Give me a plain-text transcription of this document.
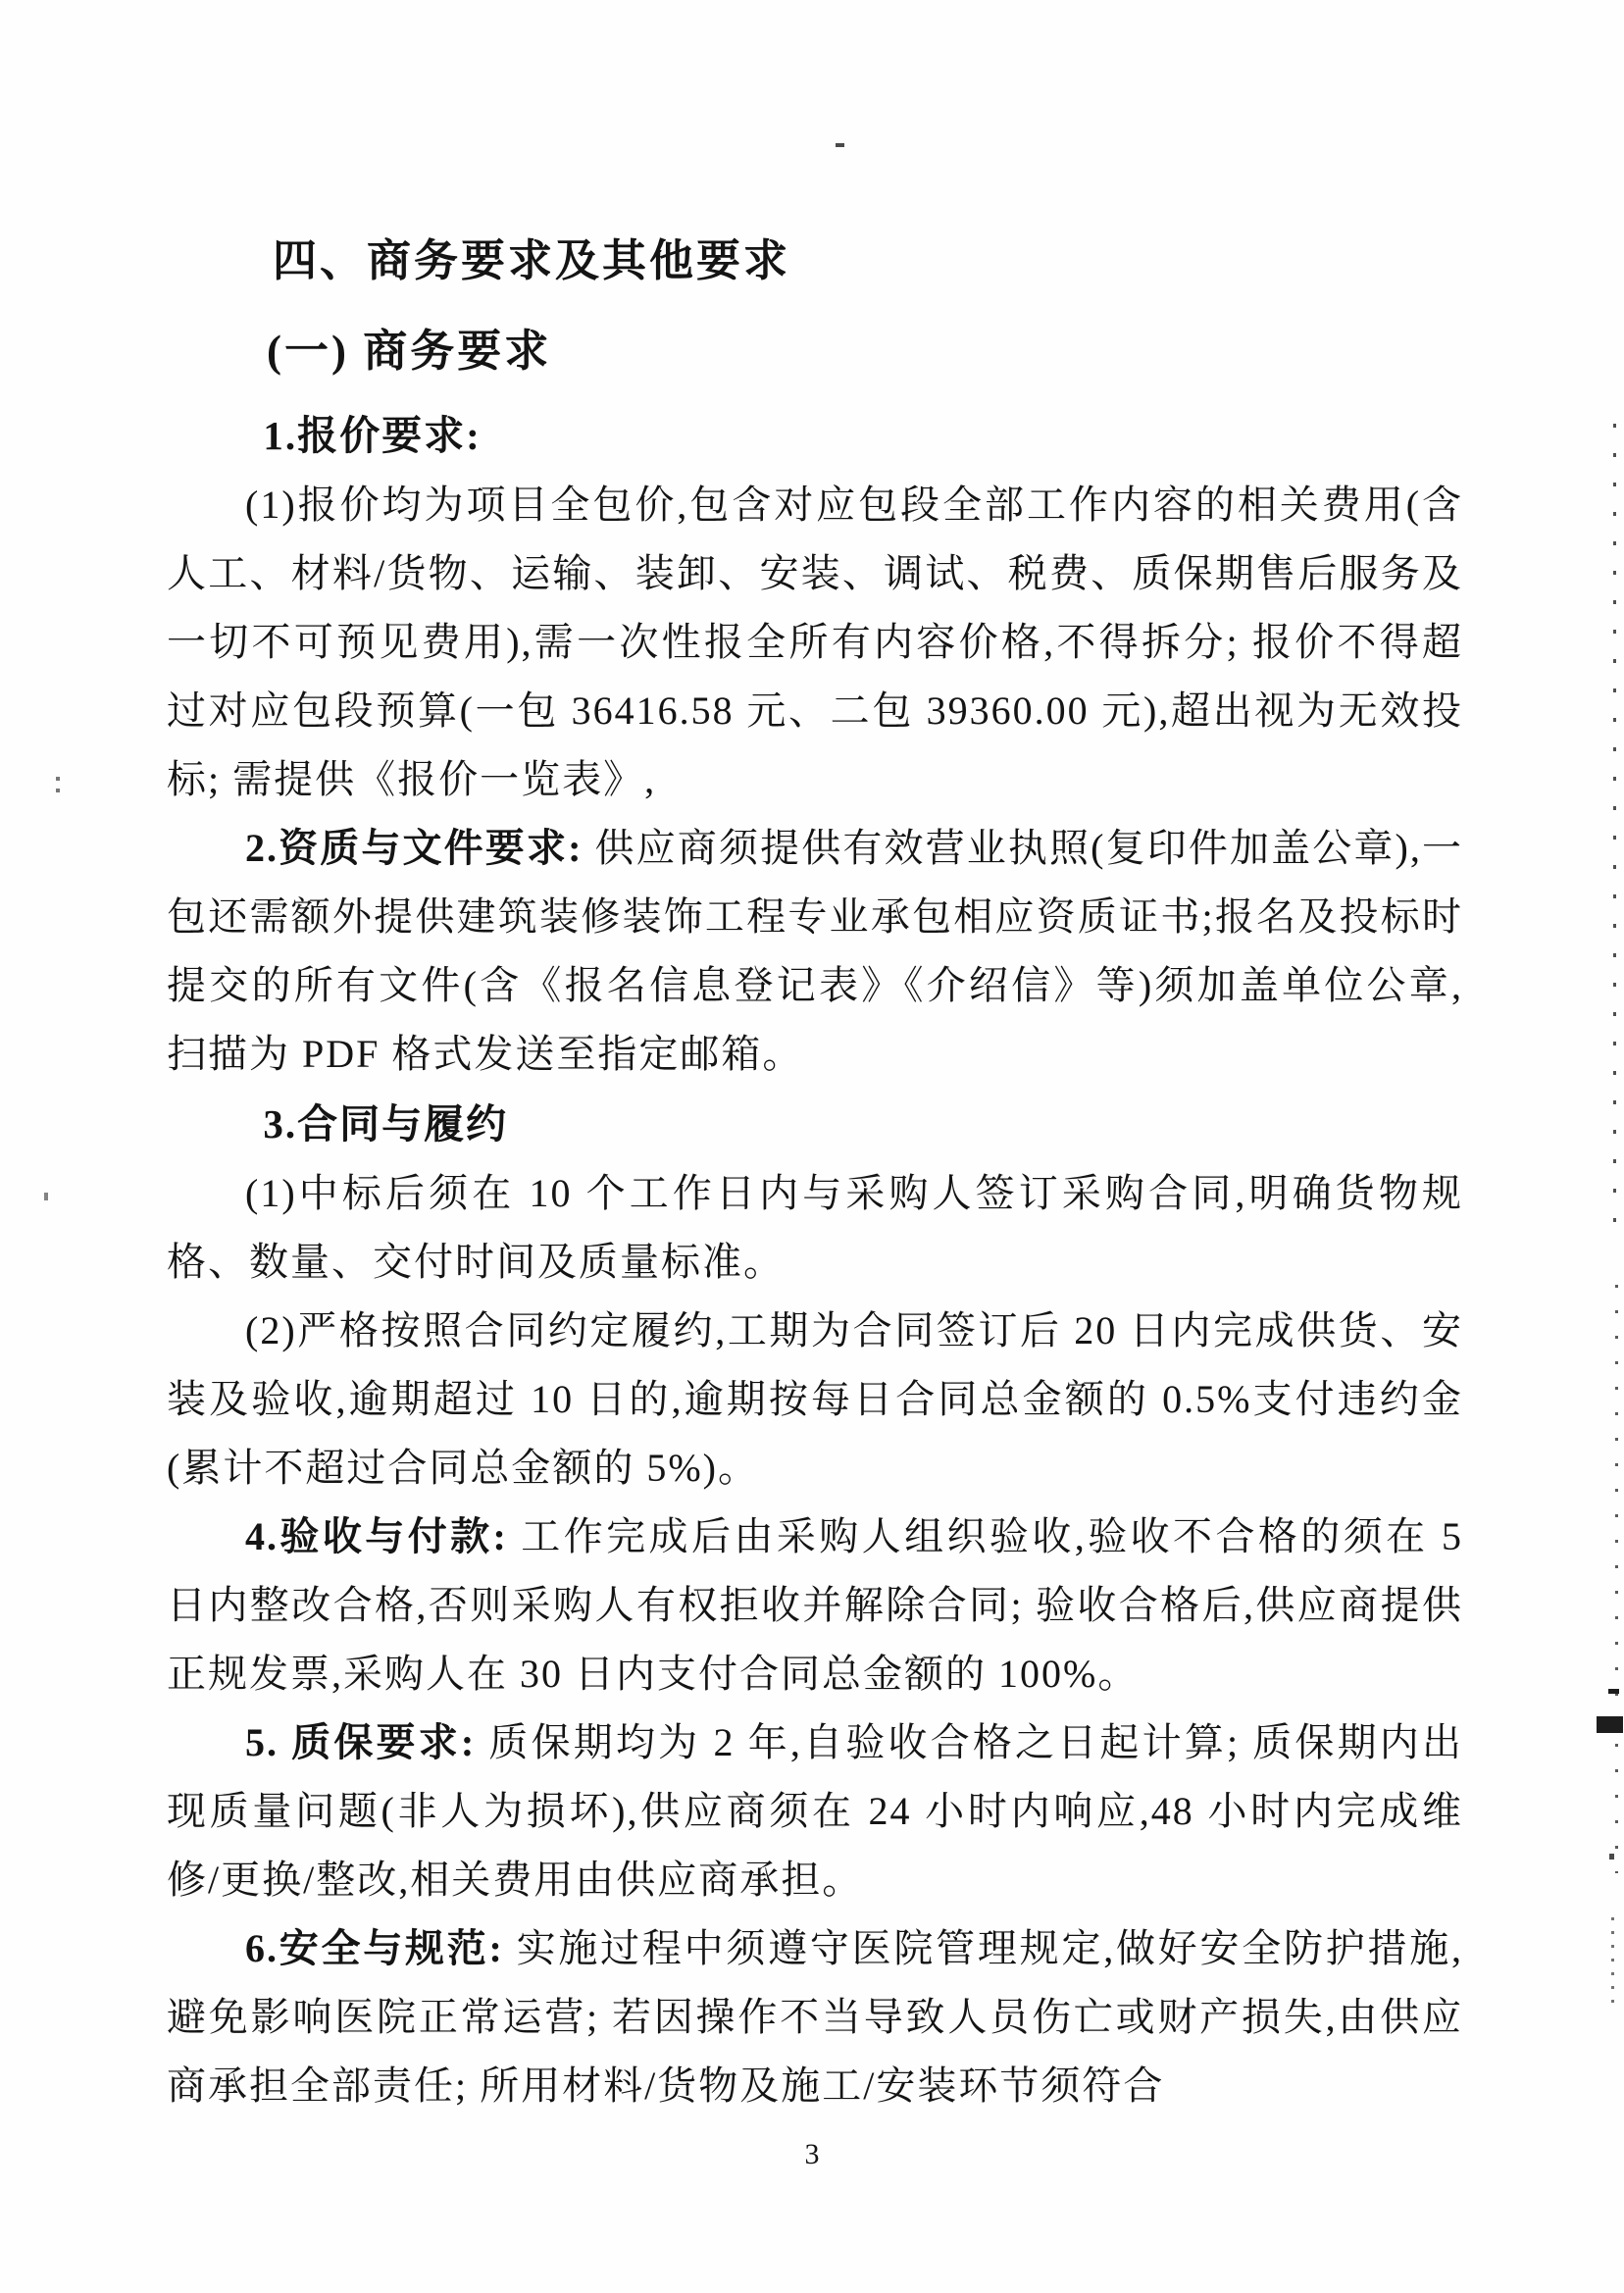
四、商务要求及其他要求
(一) 商务要求

1.报价要求:

(1)报价均为项目全包价,包含对应包段全部工作内容的相关费用(含人工、材料/货物、运输、装卸、安装、调试、税费、质保期售后服务及一切不可预见费用),需一次性报全所有内容价格,不得拆分; 报价不得超过对应包段预算(一包 36416.58 元、二包 39360.00 元),超出视为无效投标; 需提供《报价一览表》,

2.资质与文件要求: 供应商须提供有效营业执照(复印件加盖公章),一包还需额外提供建筑装修装饰工程专业承包相应资质证书;报名及投标时提交的所有文件(含《报名信息登记表》《介绍信》等)须加盖单位公章,扫描为 PDF 格式发送至指定邮箱。

3.合同与履约

(1)中标后须在 10 个工作日内与采购人签订采购合同,明确货物规格、数量、交付时间及质量标准。

(2)严格按照合同约定履约,工期为合同签订后 20 日内完成供货、安装及验收,逾期超过 10 日的,逾期按每日合同总金额的 0.5%支付违约金(累计不超过合同总金额的 5%)。

4.验收与付款: 工作完成后由采购人组织验收,验收不合格的须在 5 日内整改合格,否则采购人有权拒收并解除合同; 验收合格后,供应商提供正规发票,采购人在 30 日内支付合同总金额的 100%。

5. 质保要求: 质保期均为 2 年,自验收合格之日起计算; 质保期内出现质量问题(非人为损坏),供应商须在 24 小时内响应,48 小时内完成维修/更换/整改,相关费用由供应商承担。

6.安全与规范: 实施过程中须遵守医院管理规定,做好安全防护措施,避免影响医院正常运营; 若因操作不当导致人员伤亡或财产损失,由供应商承担全部责任; 所用材料/货物及施工/安装环节须符合

3
